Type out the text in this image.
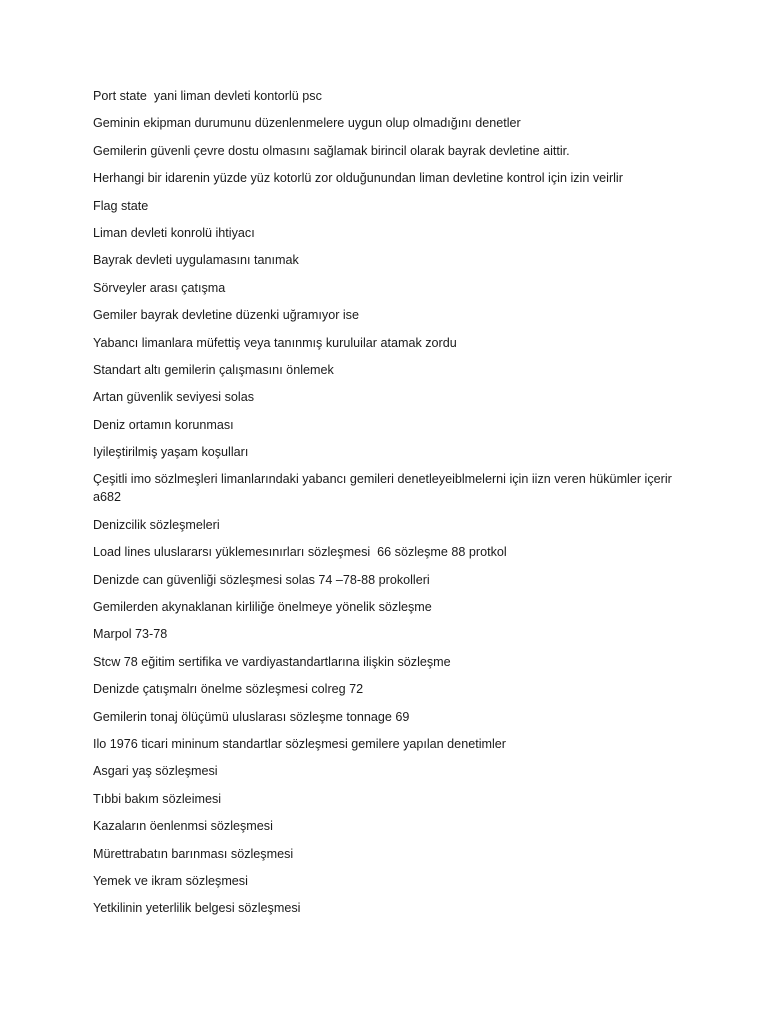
Port state  yani liman devleti kontorlü psc

Geminin ekipman durumunu düzenlenmelere uygun olup olmadığını denetler

Gemilerin güvenli çevre dostu olmasını sağlamak birincil olarak bayrak devletine aittir.

Herhangi bir idarenin yüzde yüz kotorlü zor olduğunundan liman devletine kontrol için izin veirlir

Flag state

Liman devleti konrolü ihtiyacı

Bayrak devleti uygulamasını tanımak

Sörveyler arası çatışma

Gemiler bayrak devletine düzenki uğramıyor ise

Yabancı limanlara müfettiş veya tanınmış kuruluilar atamak zordu

Standart altı gemilerin çalışmasını önlemek

Artan güvenlik seviyesi solas

Deniz ortamın korunması

Iyileştirilmiş yaşam koşulları

Çeşitli imo sözlmeşleri limanlarındaki yabancı gemileri denetleyeiblmelerni için iizn veren hükümler içerir a682

Denizcilik sözleşmeleri

Load lines uluslararsı yüklemesınırları sözleşmesi  66 sözleşme 88 protkol

Denizde can güvenliği sözleşmesi solas 74 –78-88 prokolleri

Gemilerden akynaklanan kirliliğe önelmeye yönelik sözleşme

Marpol 73-78

Stcw 78 eğitim sertifika ve vardiyastandartlarına ilişkin sözleşme

Denizde çatışmalrı önelme sözleşmesi colreg 72

Gemilerin tonaj ölüçümü uluslarası sözleşme tonnage 69

Ilo 1976 ticari mininum standartlar sözleşmesi gemilere yapılan denetimler

Asgari yaş sözleşmesi

Tıbbi bakım sözleimesi

Kazaların öenlenmsi sözleşmesi

Mürettrabatın barınması sözleşmesi

Yemek ve ikram sözleşmesi

Yetkilinin yeterlilik belgesi sözleşmesi
